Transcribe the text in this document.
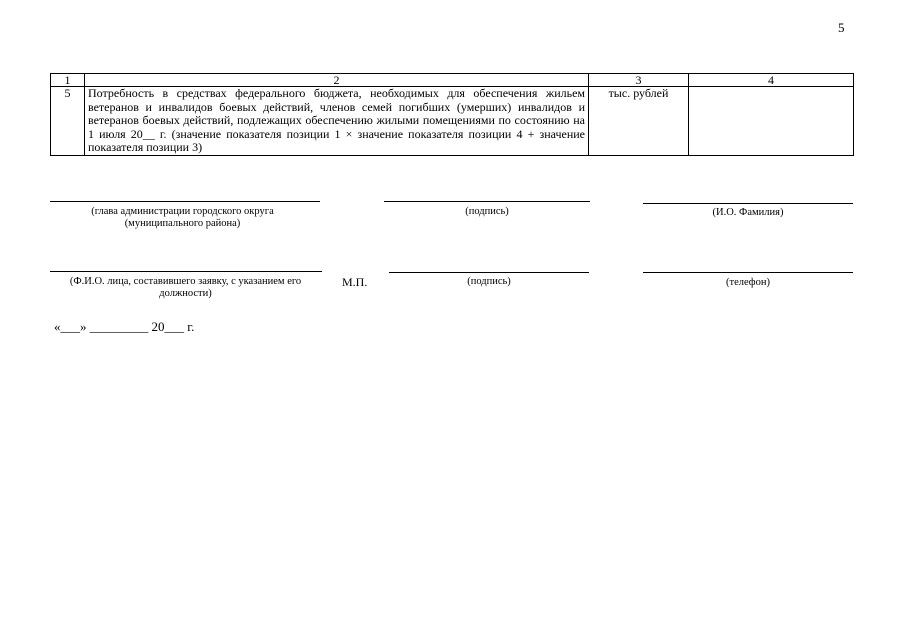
5
1	2	3	4
5	Потребность в средствах федерального бюджета, необходимых для обеспечения жильем ветеранов и инвалидов боевых действий, членов семей погибших (умерших) инвалидов и ветеранов боевых действий, подлежащих обеспечению жилыми помещениями по состоянию на 1 июля 20__ г. (значение показателя позиции 1 × значение показателя позиции 4 + значение показателя позиции 3)	тыс. рублей	
(глава администрации городского округа (муниципального района)
(подпись)	(И.О. Фамилия)
(Ф.И.О. лица, составившего заявку, с указанием его должности)
М.П.	(подпись)	(телефон)
«___» _________ 20___ г.
